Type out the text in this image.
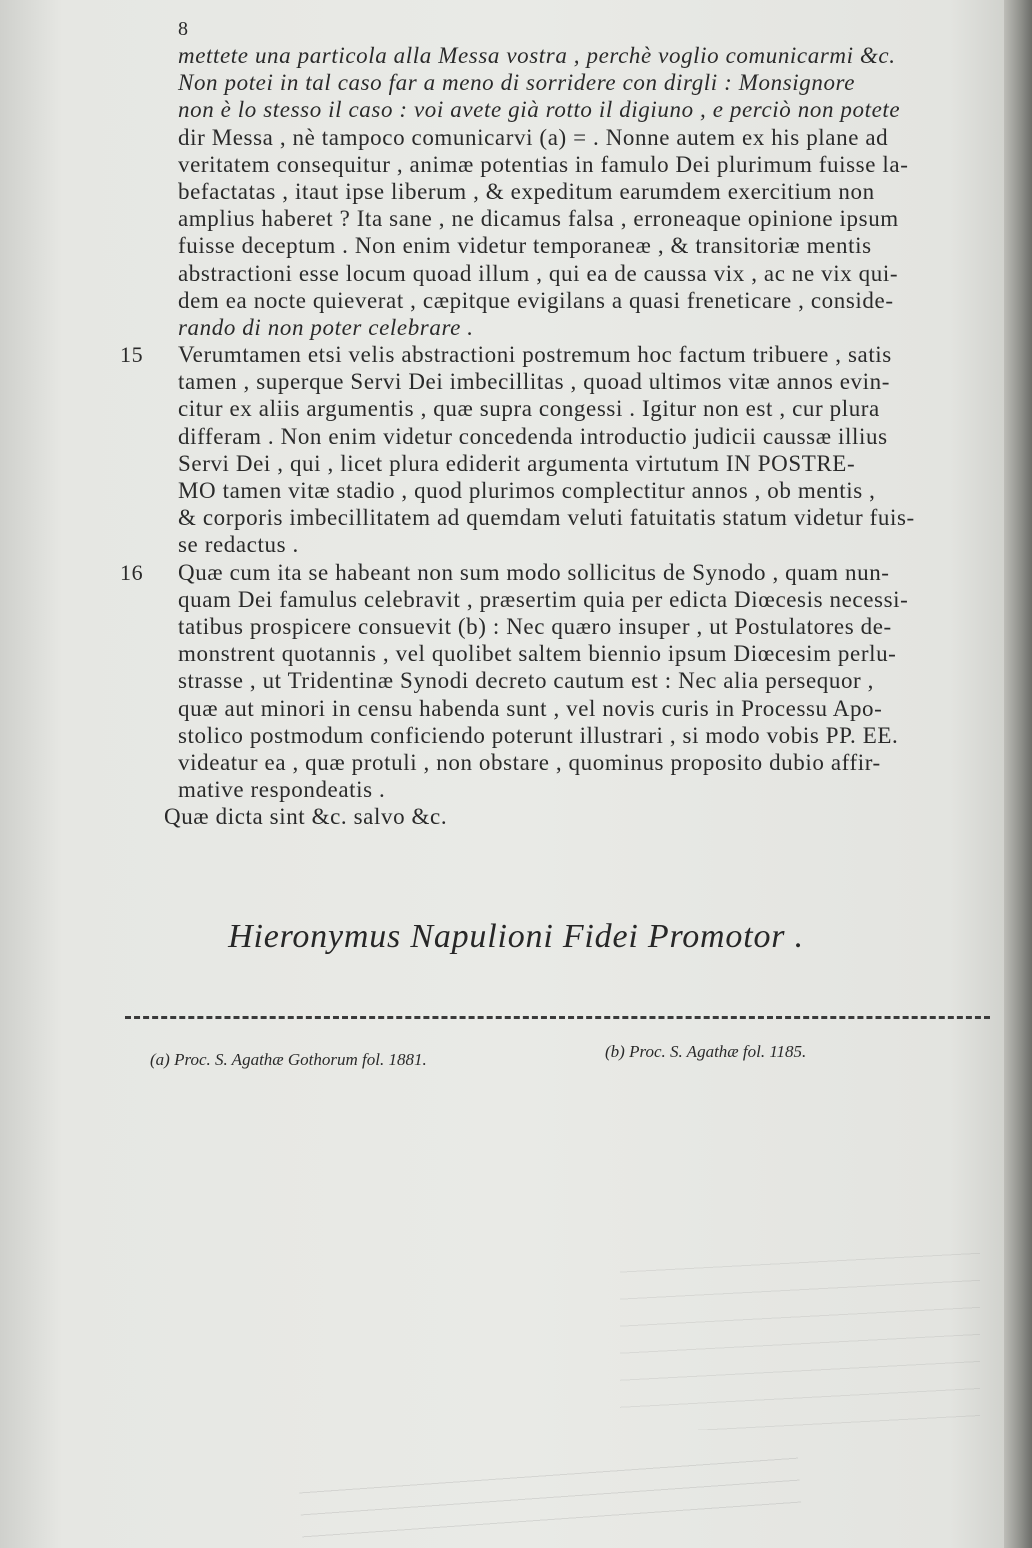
8
mettete una particola alla Messa vostra , perchè voglio comunicarmi &c.
Non potei in tal caso far a meno di sorridere con dirgli : Monsignore
non è lo stesso il caso : voi avete già rotto il digiuno , e perciò non potete
dir Messa , nè tampoco comunicarvi (a) = . Nonne autem ex his plane ad
veritatem consequitur , animæ potentias in famulo Dei plurimum fuisse la-
befactatas , itaut ipse liberum , & expeditum earumdem exercitium non
amplius haberet ? Ita sane , ne dicamus falsa , erroneaque opinione ipsum
fuisse deceptum . Non enim videtur temporaneæ , & transitoriæ mentis
abstractioni esse locum quoad illum , qui ea de caussa vix , ac ne vix qui-
dem ea nocte quieverat , cæpitque evigilans a quasi freneticare , conside-
rando di non poter celebrare .
15 Verumtamen etsi velis abstractioni postremum hoc factum tribuere , satis
tamen , superque Servi Dei imbecillitas , quoad ultimos vitæ annos evin-
citur ex aliis argumentis , quæ supra congessi . Igitur non est , cur plura
differam . Non enim videtur concedenda introductio judicii caussæ illius
Servi Dei , qui , licet plura ediderit argumenta virtutum IN POSTRE-
MO tamen vitæ stadio , quod plurimos complectitur annos , ob mentis ,
& corporis imbecillitatem ad quemdam veluti fatuitatis statum videtur fuis-
se redactus .
16 Quæ cum ita se habeant non sum modo sollicitus de Synodo , quam nun-
quam Dei famulus celebravit , præsertim quia per edicta Diœcesis necessi-
tatibus prospicere consuevit (b) : Nec quæro insuper , ut Postulatores de-
monstrent quotannis , vel quolibet saltem biennio ipsum Diœcesim perlu-
strasse , ut Tridentinæ Synodi decreto cautum est : Nec alia persequor ,
quæ aut minori in censu habenda sunt , vel novis curis in Processu Apo-
stolico postmodum conficiendo poterunt illustrari , si modo vobis PP. EE.
videatur ea , quæ protuli , non obstare , quominus proposito dubio affir-
mative respondeatis .
Quæ dicta sint &c. salvo &c.
Hieronymus Napulioni Fidei Promotor .
(a) Proc. S. Agathæ Gothorum fol. 1881.	(b) Proc. S. Agathæ fol. 1185.
